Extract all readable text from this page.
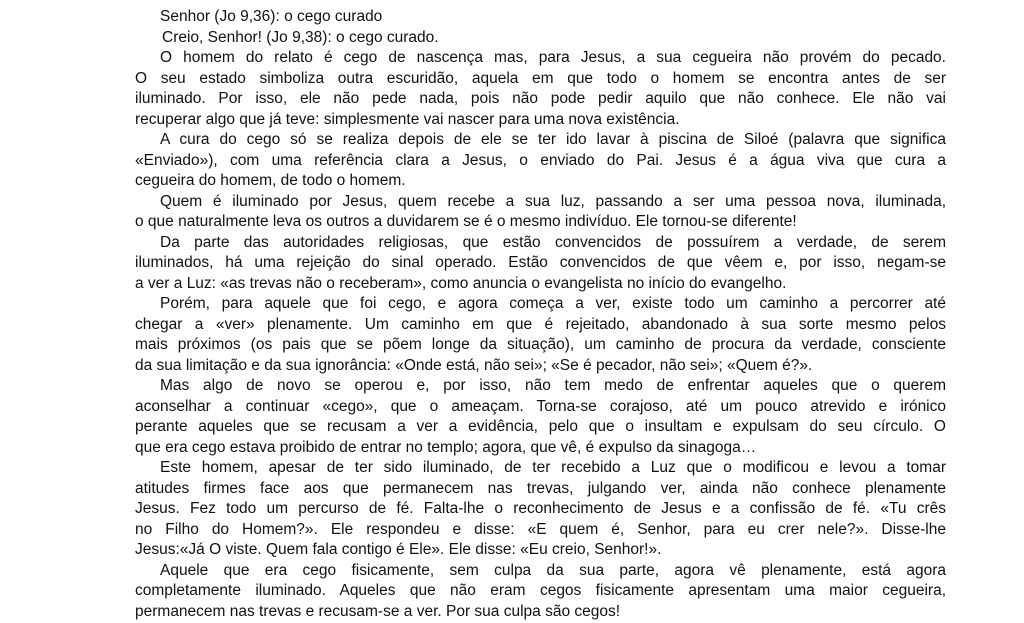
Senhor (Jo 9,36): o cego curado
Creio, Senhor! (Jo 9,38): o cego curado.
O homem do relato é cego de nascença mas, para Jesus, a sua cegueira não provém do pecado.
O seu estado simboliza outra escuridão, aquela em que todo o homem se encontra antes de ser
iluminado. Por isso, ele não pede nada, pois não pode pedir aquilo que não conhece. Ele não vai
recuperar algo que já teve: simplesmente vai nascer para uma nova existência.
A cura do cego só se realiza depois de ele se ter ido lavar à piscina de Siloé (palavra que significa
«Enviado»), com uma referência clara a Jesus, o enviado do Pai. Jesus é a água viva que cura a
cegueira do homem, de todo o homem.
Quem é iluminado por Jesus, quem recebe a sua luz, passando a ser uma pessoa nova, iluminada,
o que naturalmente leva os outros a duvidarem se é o mesmo indivíduo. Ele tornou-se diferente!
Da parte das autoridades religiosas, que estão convencidos de possuírem a verdade, de serem
iluminados, há uma rejeição do sinal operado. Estão convencidos de que vêem e, por isso, negam-se
a ver a Luz: «as trevas não o receberam», como anuncia o evangelista no início do evangelho.
Porém, para aquele que foi cego, e agora começa a ver, existe todo um caminho a percorrer até
chegar a «ver» plenamente. Um caminho em que é rejeitado, abandonado à sua sorte mesmo pelos
mais próximos (os pais que se põem longe da situação), um caminho de procura da verdade, consciente
da sua limitação e da sua ignorância: «Onde está, não sei»; «Se é pecador, não sei»; «Quem é?».
Mas algo de novo se operou e, por isso, não tem medo de enfrentar aqueles que o querem
aconselhar a continuar «cego», que o ameaçam. Torna-se corajoso, até um pouco atrevido e irónico
perante aqueles que se recusam a ver a evidência, pelo que o insultam e expulsam do seu círculo. O
que era cego estava proibido de entrar no templo; agora, que vê, é expulso da sinagoga…
Este homem, apesar de ter sido iluminado, de ter recebido a Luz que o modificou e levou a tomar
atitudes firmes face aos que permanecem nas trevas, julgando ver, ainda não conhece plenamente
Jesus. Fez todo um percurso de fé. Falta-lhe o reconhecimento de Jesus e a confissão de fé. «Tu crês
no Filho do Homem?». Ele respondeu e disse: «E quem é, Senhor, para eu crer nele?». Disse-lhe
Jesus:«Já O viste. Quem fala contigo é Ele». Ele disse: «Eu creio, Senhor!».
Aquele que era cego fisicamente, sem culpa da sua parte, agora vê plenamente, está agora
completamente iluminado. Aqueles que não eram cegos fisicamente apresentam uma maior cegueira,
permanecem nas trevas e recusam-se a ver. Por sua culpa são cegos!
